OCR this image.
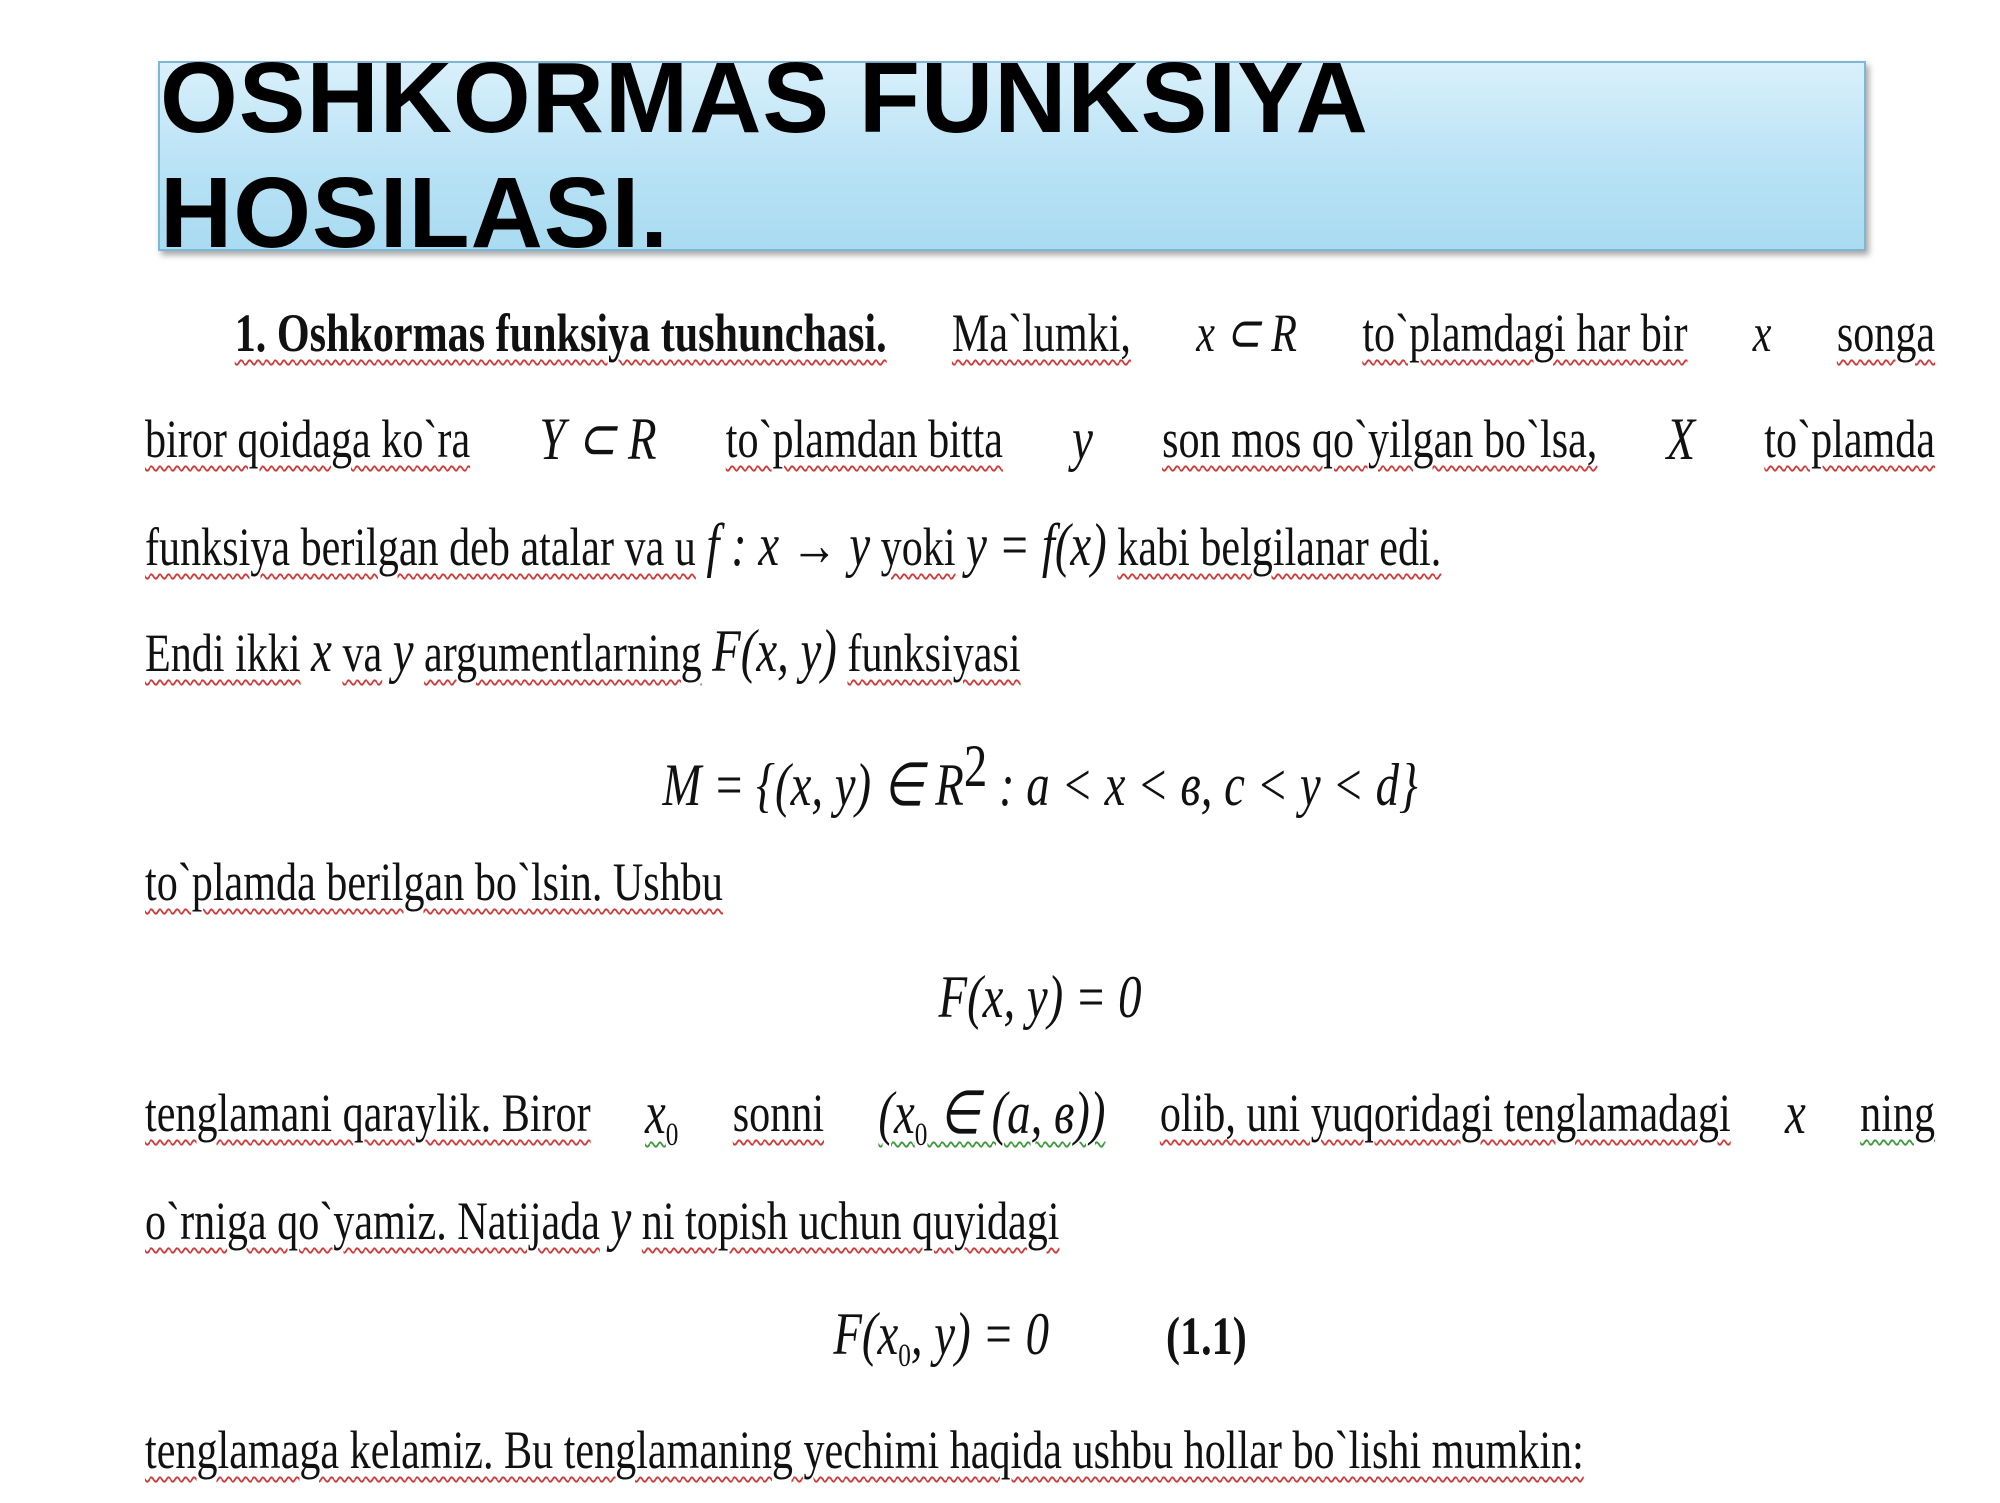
OSHKORMAS FUNKSIYA HOSILASI.
1. Oshkormas funksiya tushunchasi. Ma`lumki, x ⊂ R to`plamdagi har bir x songa
biror qoidaga ko`ra Y ⊂ R to`plamdan bitta y son mos qo`yilgan bo`lsa, X to`plamda
funksiya berilgan deb atalar va u f : x → y yoki y = f(x) kabi belgilanar edi.
Endi ikki x va y argumentlarning F(x, y) funksiyasi
M = {(x, y) ∈ $R^2$ : a < x < в, c < y < d}
to`plamda berilgan bo`lsin. Ushbu
F(x, y) = 0
tenglamani qaraylik. Biror $x_0$ sonni ($x_0$ ∈ (a, в)) olib, uni yuqoridagi tenglamadagi x ning
o`rniga qo`yamiz. Natijada y ni topish uchun quyidagi
$F(x_0$, y) = 0 (1.1)
tenglamaga kelamiz. Bu tenglamaning yechimi haqida ushbu hollar bo`lishi mumkin:
